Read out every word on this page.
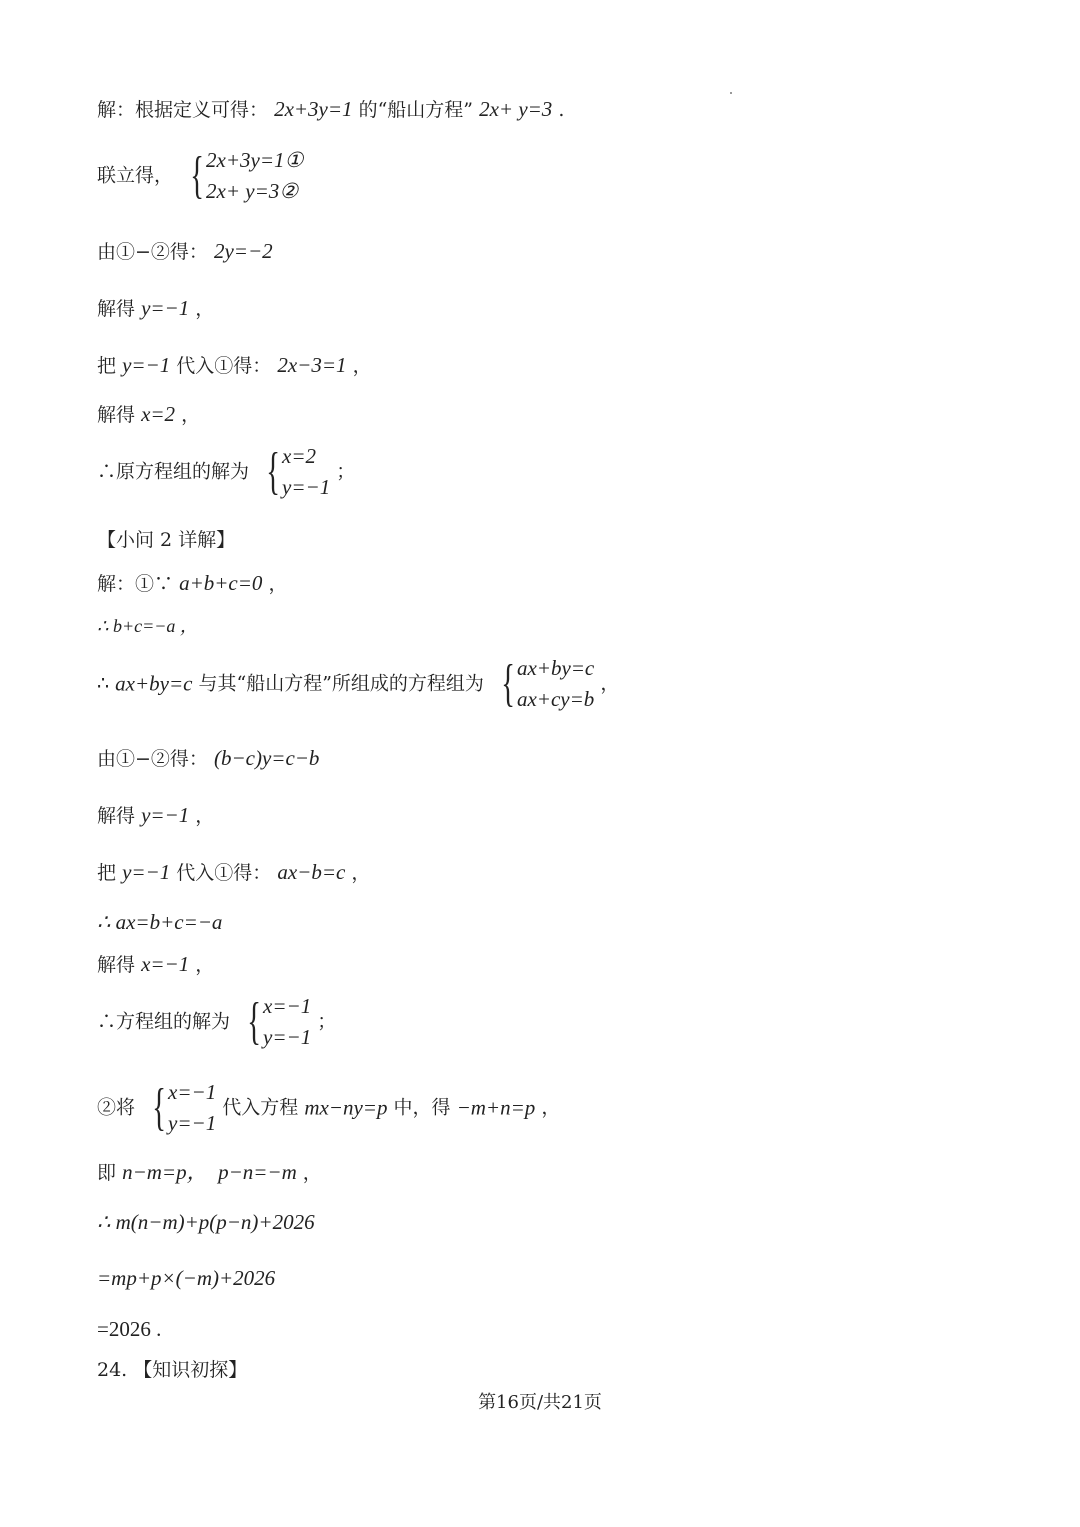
解：根据定义可得： 2x+3y=1 的“船山方程” 2x+ y=3 .
联立得， { 2x+3y=1①
2x+ y=3②
由①−②得： 2y=−2
解得 y=−1 ，
把 y=−1 代入①得： 2x−3=1 ，
解得 x=2 ，
∴原方程组的解为 { x=2
y=−1
；
【小问 2 详解】
解：①∵ a+b+c=0 ，
∴ b+c=−a ，
∴ ax+by=c 与其“船山方程”所组成的方程组为 { ax+by=c
ax+cy=b
，
由①−②得： (b−c)y=c−b
解得 y=−1 ，
把 y=−1 代入①得： ax−b=c ，
∴ ax=b+c=−a
解得 x=−1 ，
∴方程组的解为 { x=−1
y=−1
；
②将 { x=−1
y=−1
代入方程 mx−ny=p 中，得 −m+n=p ，
即 n−m=p，  p−n=−m ，
∴ m(n−m)+p(p−n)+2026
=mp+p×(−m)+2026
=2026 .
24. 【知识初探】
第16页/共21页
